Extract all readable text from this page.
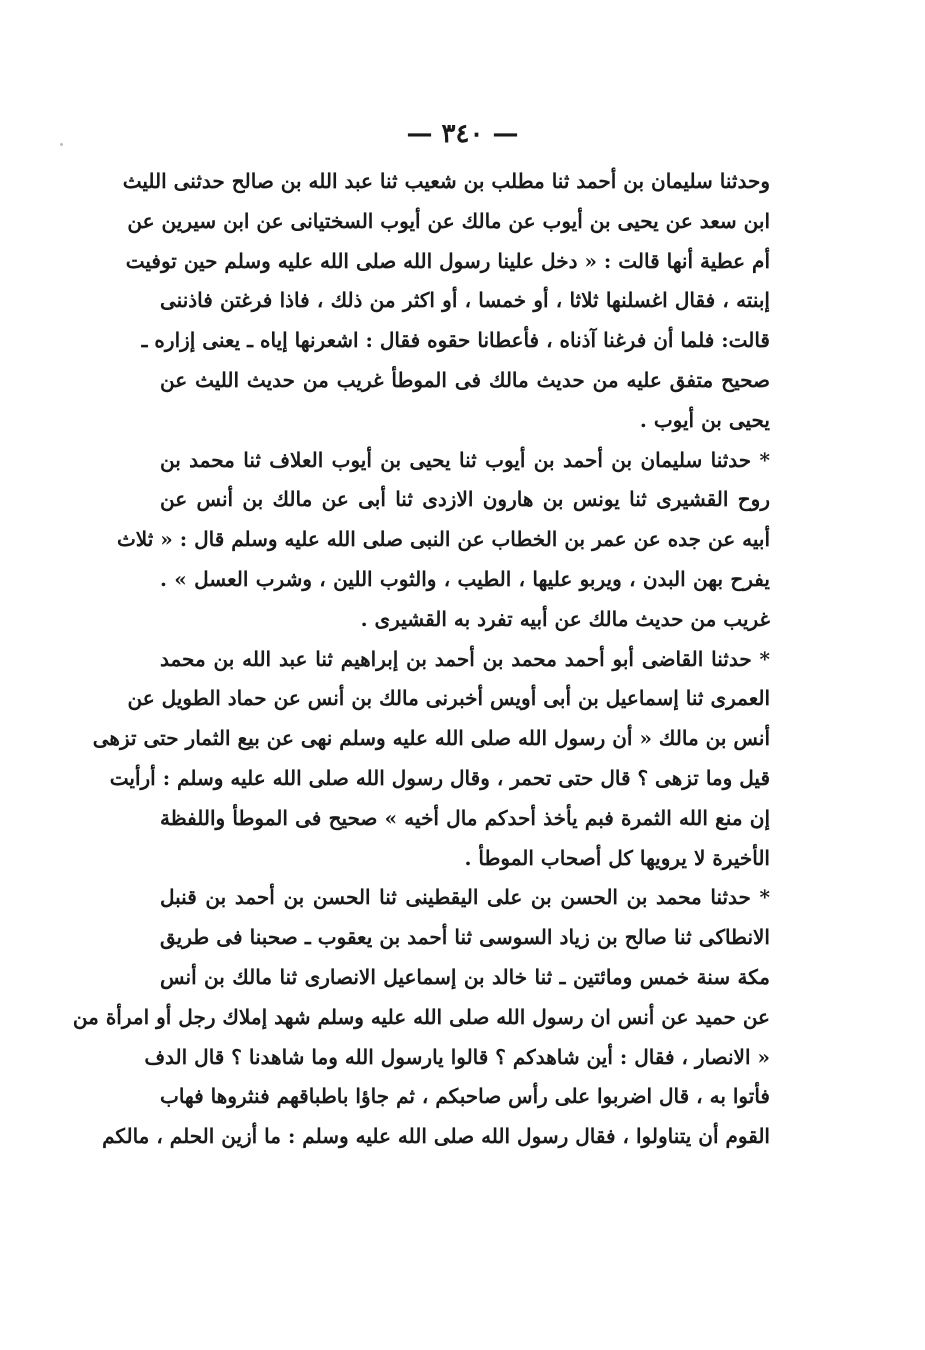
— ٣٤٠ —
وحدثنا سليمان بن أحمد ثنا مطلب بن شعيب ثنا عبد الله بن صالح حدثنى الليث
ابن سعد عن يحيى بن أيوب عن مالك عن أيوب السختيانى عن ابن سيرين عن
أم عطية أنها قالت : « دخل علينا رسول الله صلى الله عليه وسلم حين توفيت
إبنته ، فقال اغسلنها ثلاثا ، أو خمسا ، أو اكثر من ذلك ، فاذا فرغتن فاذننى
قالت: فلما أن فرغنا آذناه ، فأعطانا حقوه فقال : اشعرنها إياه ـ يعنى إزاره ـ
صحيح متفق عليه من حديث مالك فى الموطأ غريب من حديث الليث عن
يحيى بن أيوب .
* حدثنا سليمان بن أحمد بن أيوب ثنا يحيى بن أيوب العلاف ثنا محمد بن
روح القشيرى ثنا يونس بن هارون الازدى ثنا أبى عن مالك بن أنس عن
أبيه عن جده عن عمر بن الخطاب عن النبى صلى الله عليه وسلم قال : « ثلاث
يفرح بهن البدن ، ويربو عليها ، الطيب ، والثوب اللين ، وشرب العسل » .
غريب من حديث مالك عن أبيه تفرد به القشيرى .
* حدثنا القاضى أبو أحمد محمد بن أحمد بن إبراهيم ثنا عبد الله بن محمد
العمرى ثنا إسماعيل بن أبى أويس أخبرنى مالك بن أنس عن حماد الطويل عن
أنس بن مالك « أن رسول الله صلى الله عليه وسلم نهى عن بيع الثمار حتى تزهى
قيل وما تزهى ؟ قال حتى تحمر ، وقال رسول الله صلى الله عليه وسلم : أرأيت
إن منع الله الثمرة فبم يأخذ أحدكم مال أخيه » صحيح فى الموطأ واللفظة
الأخيرة لا يرويها كل أصحاب الموطأ .
* حدثنا محمد بن الحسن بن على اليقطينى ثنا الحسن بن أحمد بن قنبل
الانطاكى ثنا صالح بن زياد السوسى ثنا أحمد بن يعقوب ـ صحبنا فى طريق
مكة سنة خمس ومائتين ـ ثنا خالد بن إسماعيل الانصارى ثنا مالك بن أنس
عن حميد عن أنس ان رسول الله صلى الله عليه وسلم شهد إملاك رجل أو امرأة من
« الانصار ، فقال : أين شاهدكم ؟ قالوا يارسول الله وما شاهدنا ؟ قال الدف
فأتوا به ، قال اضربوا على رأس صاحبكم ، ثم جاؤا باطباقهم فنثروها فهاب
القوم أن يتناولوا ، فقال رسول الله صلى الله عليه وسلم : ما أزين الحلم ، مالكم
